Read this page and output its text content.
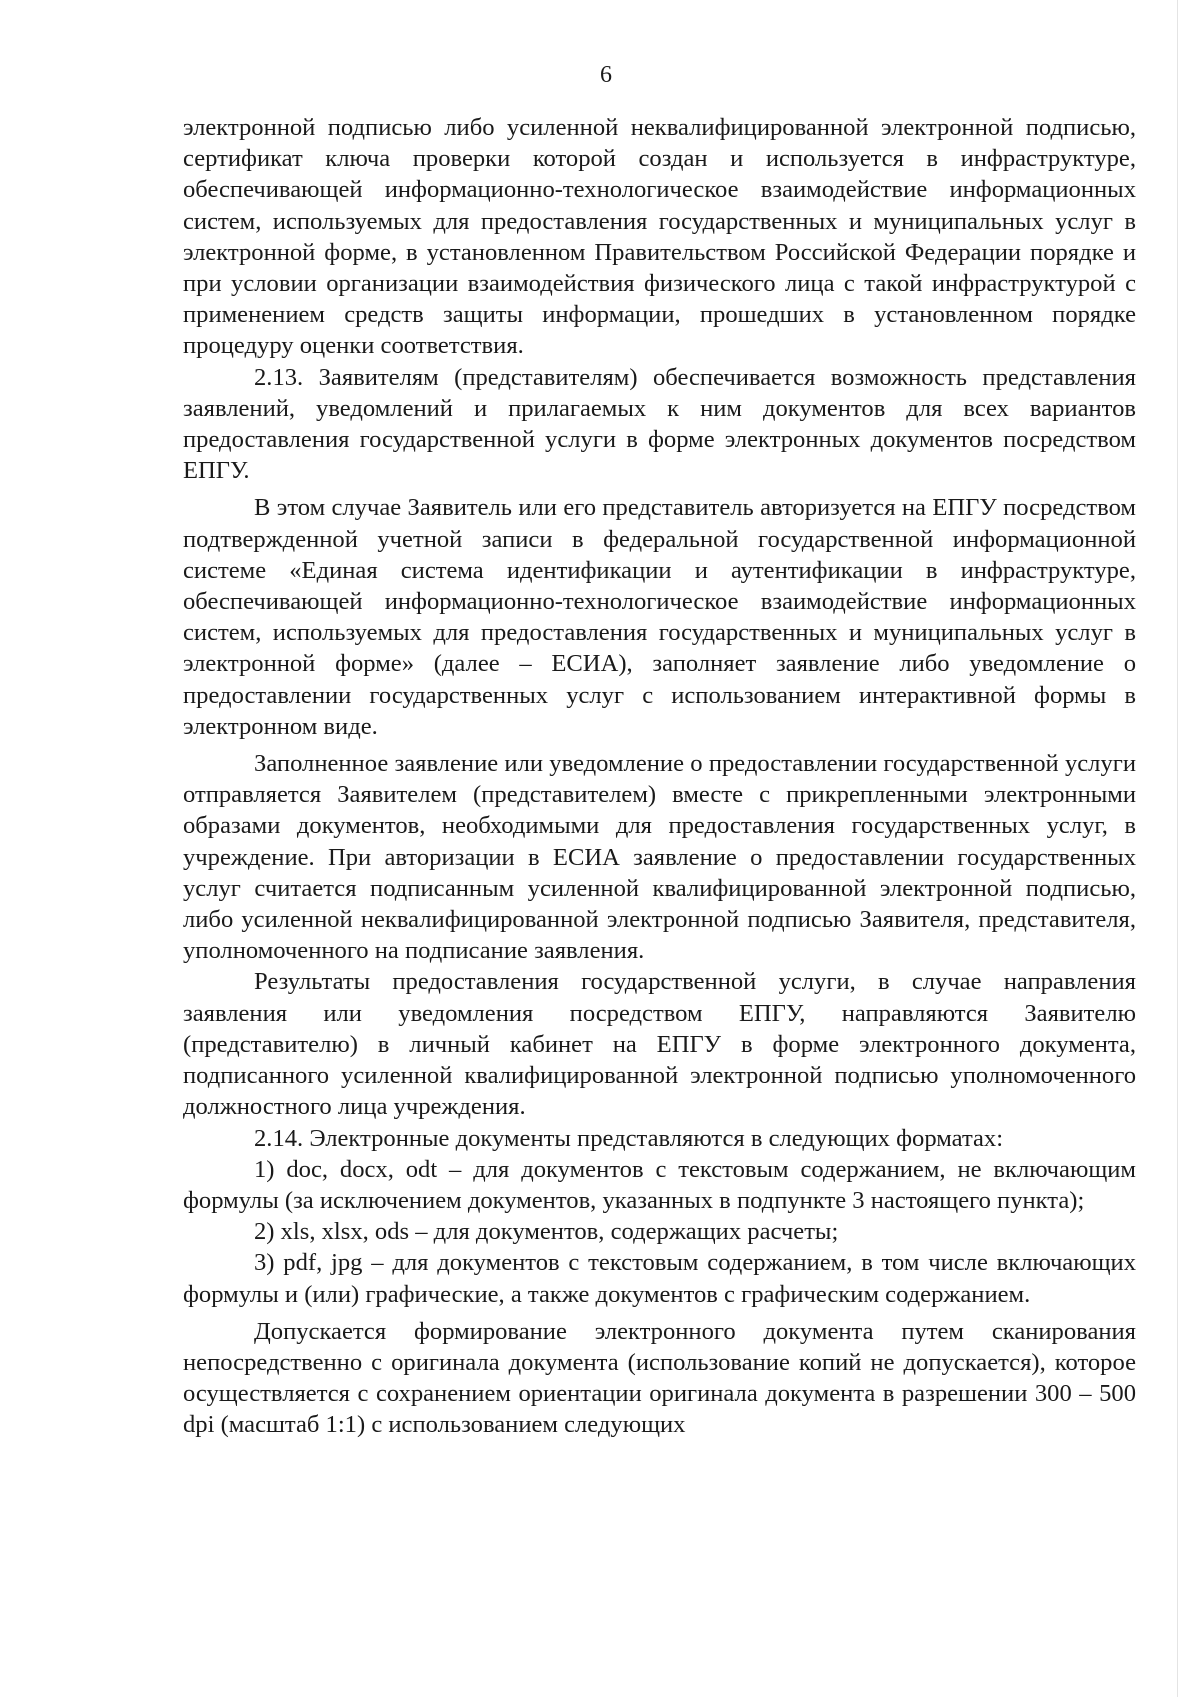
6

электронной подписью либо усиленной неквалифицированной электронной подписью, сертификат ключа проверки которой создан и используется в инфраструктуре, обеспечивающей информационно-технологическое взаимодействие информационных систем, используемых для предоставления государственных и муниципальных услуг в электронной форме, в установленном Правительством Российской Федерации порядке и при условии организации взаимодействия физического лица с такой инфраструктурой с применением средств защиты информации, прошедших в установленном порядке процедуру оценки соответствия.

2.13. Заявителям (представителям) обеспечивается возможность представления заявлений, уведомлений и прилагаемых к ним документов для всех вариантов предоставления государственной услуги в форме электронных документов посредством ЕПГУ.

В этом случае Заявитель или его представитель авторизуется на ЕПГУ посредством подтвержденной учетной записи в федеральной государственной информационной системе «Единая система идентификации и аутентификации в инфраструктуре, обеспечивающей информационно-технологическое взаимодействие информационных систем, используемых для предоставления государственных и муниципальных услуг в электронной форме» (далее – ЕСИА), заполняет заявление либо уведомление о предоставлении государственных услуг с использованием интерактивной формы в электронном виде.

Заполненное заявление или уведомление о предоставлении государственной услуги отправляется Заявителем (представителем) вместе с прикрепленными электронными образами документов, необходимыми для предоставления государственных услуг, в учреждение. При авторизации в ЕСИА заявление о предоставлении государственных услуг считается подписанным усиленной квалифицированной электронной подписью, либо усиленной неквалифицированной электронной подписью Заявителя, представителя, уполномоченного на подписание заявления.

Результаты предоставления государственной услуги, в случае направления заявления или уведомления посредством ЕПГУ, направляются Заявителю (представителю) в личный кабинет на ЕПГУ в форме электронного документа, подписанного усиленной квалифицированной электронной подписью уполномоченного должностного лица учреждения.

2.14. Электронные документы представляются в следующих форматах:

1) doc, docx, odt – для документов с текстовым содержанием, не включающим формулы (за исключением документов, указанных в подпункте 3 настоящего пункта);

2) xls, xlsx, ods – для документов, содержащих расчеты;

3) pdf, jpg – для документов с текстовым содержанием, в том числе включающих формулы и (или) графические, а также документов с графическим содержанием.

Допускается формирование электронного документа путем сканирования непосредственно с оригинала документа (использование копий не допускается), которое осуществляется с сохранением ориентации оригинала документа в разрешении 300 – 500 dpi (масштаб 1:1) с использованием следующих
